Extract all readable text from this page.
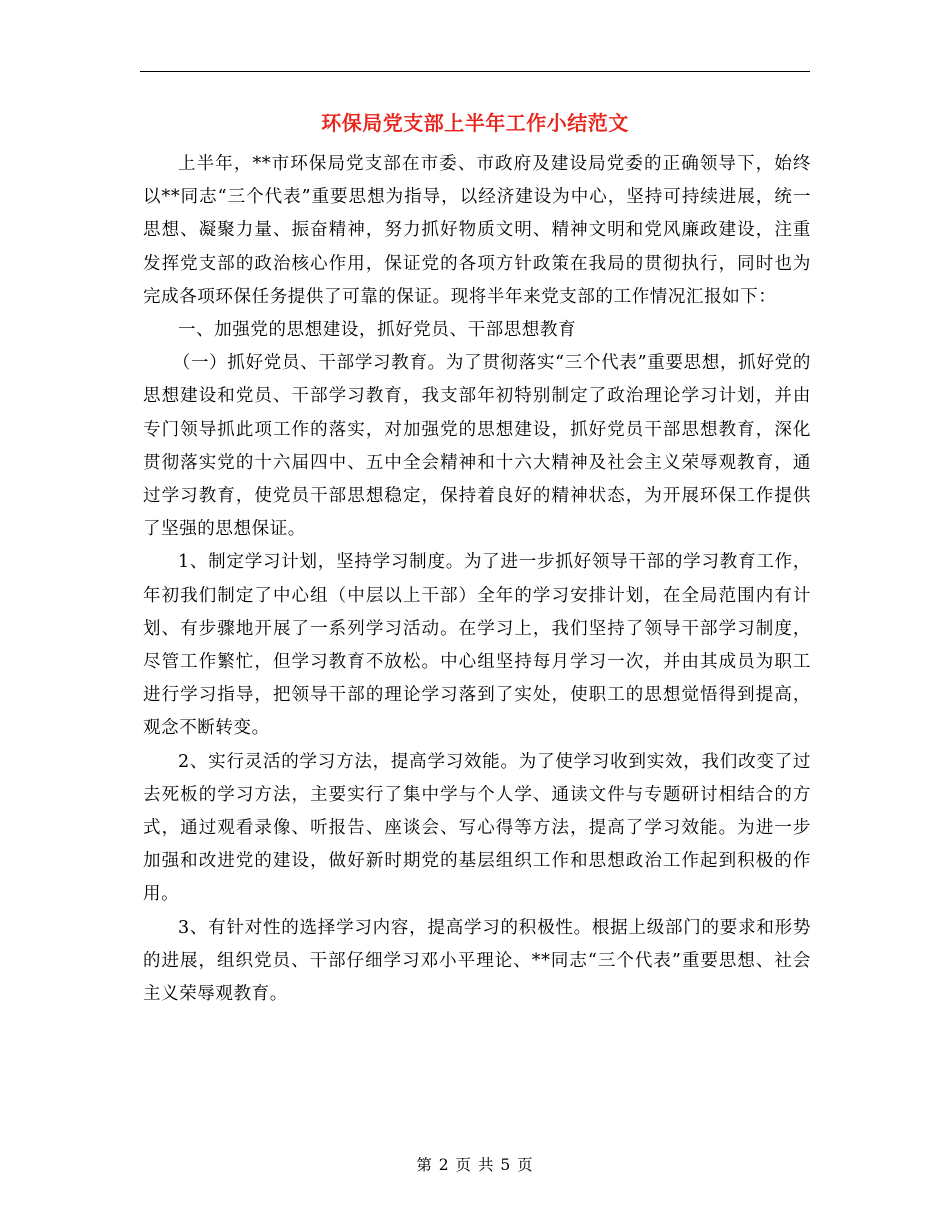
环保局党支部上半年工作小结范文

上半年，**市环保局党支部在市委、市政府及建设局党委的正确领导下，始终以**同志“三个代表”重要思想为指导，以经济建设为中心，坚持可持续进展，统一思想、凝聚力量、振奋精神，努力抓好物质文明、精神文明和党风廉政建设，注重发挥党支部的政治核心作用，保证党的各项方针政策在我局的贯彻执行，同时也为完成各项环保任务提供了可靠的保证。现将半年来党支部的工作情况汇报如下：

一、加强党的思想建设，抓好党员、干部思想教育

（一）抓好党员、干部学习教育。为了贯彻落实“三个代表”重要思想，抓好党的思想建设和党员、干部学习教育，我支部年初特别制定了政治理论学习计划，并由专门领导抓此项工作的落实，对加强党的思想建设，抓好党员干部思想教育，深化贯彻落实党的十六届四中、五中全会精神和十六大精神及社会主义荣辱观教育，通过学习教育，使党员干部思想稳定，保持着良好的精神状态，为开展环保工作提供了坚强的思想保证。

1、制定学习计划，坚持学习制度。为了进一步抓好领导干部的学习教育工作，年初我们制定了中心组（中层以上干部）全年的学习安排计划，在全局范围内有计划、有步骤地开展了一系列学习活动。在学习上，我们坚持了领导干部学习制度，尽管工作繁忙，但学习教育不放松。中心组坚持每月学习一次，并由其成员为职工进行学习指导，把领导干部的理论学习落到了实处，使职工的思想觉悟得到提高，观念不断转变。

2、实行灵活的学习方法，提高学习效能。为了使学习收到实效，我们改变了过去死板的学习方法，主要实行了集中学与个人学、通读文件与专题研讨相结合的方式，通过观看录像、听报告、座谈会、写心得等方法，提高了学习效能。为进一步加强和改进党的建设，做好新时期党的基层组织工作和思想政治工作起到积极的作用。

3、有针对性的选择学习内容，提高学习的积极性。根据上级部门的要求和形势的进展，组织党员、干部仔细学习邓小平理论、**同志“三个代表”重要思想、社会主义荣辱观教育。

第 2 页 共 5 页
